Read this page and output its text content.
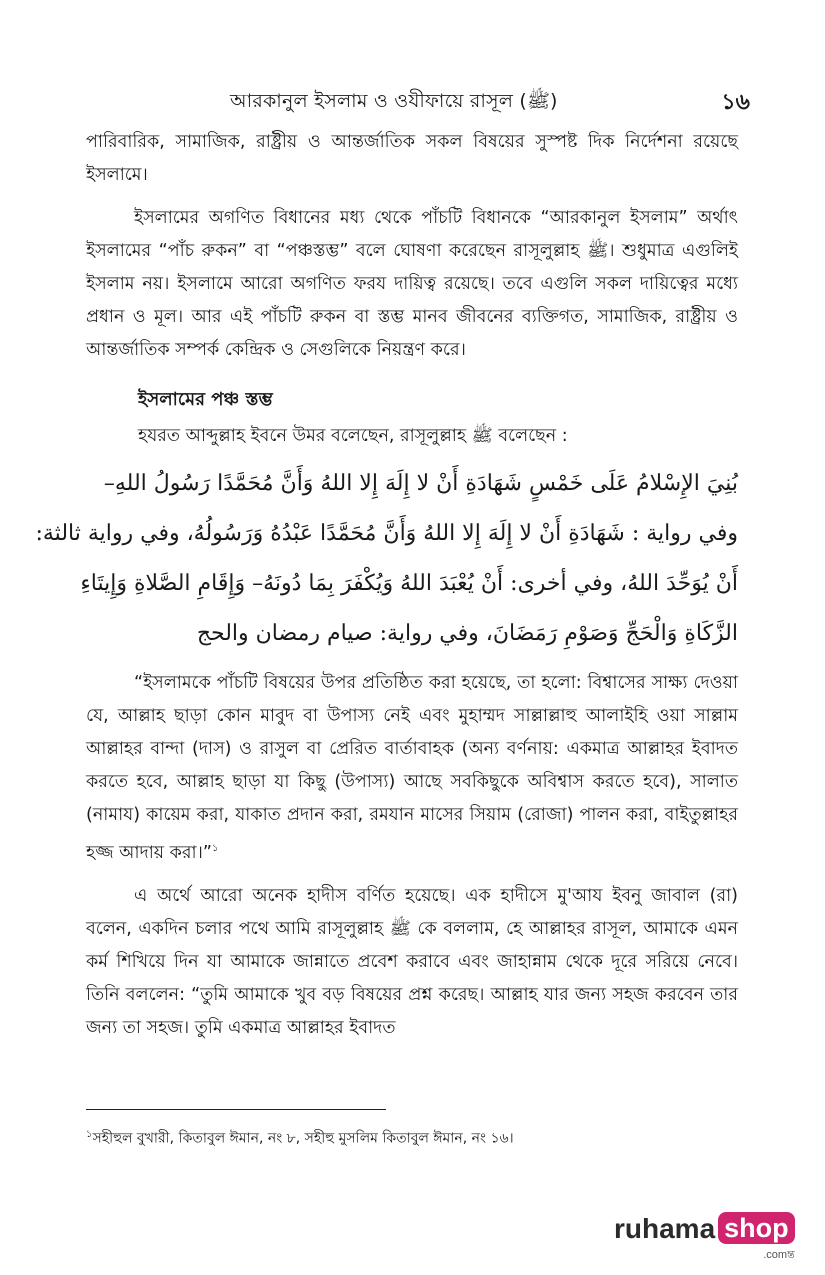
আরকানুল ইসলাম ও ওযীফায়ে রাসূল (ﷺ)	১৬

পারিবারিক, সামাজিক, রাষ্ট্রীয় ও আন্তর্জাতিক সকল বিষয়ের সুস্পষ্ট দিক নির্দেশনা রয়েছে ইসলামে।

ইসলামের অগণিত বিধানের মধ্য থেকে পাঁচটি বিধানকে “আরকানুল ইসলাম” অর্থাৎ ইসলামের “পাঁচ রুকন” বা “পঞ্চস্তম্ভ” বলে ঘোষণা করেছেন রাসূলুল্লাহ ﷺ। শুধুমাত্র এগুলিই ইসলাম নয়। ইসলামে আরো অগণিত ফরয দায়িত্ব রয়েছে। তবে এগুলি সকল দায়িত্বের মধ্যে প্রধান ও মূল। আর এই পাঁচটি রুকন বা স্তম্ভ মানব জীবনের ব্যক্তিগত, সামাজিক, রাষ্ট্রীয় ও আন্তর্জাতিক সম্পর্ক কেন্দ্রিক ও সেগুলিকে নিয়ন্ত্রণ করে।

ইসলামের পঞ্চ স্তম্ভ

হযরত আব্দুল্লাহ ইবনে উমর বলেছেন, রাসূলুল্লাহ ﷺ বলেছেন :

بُنِيَ الإِسْلامُ عَلَى خَمْسٍ شَهَادَةِ أَنْ لا إِلَهَ إِلا اللهُ وَأَنَّ مُحَمَّدًا رَسُولُ اللهِ–
وفي رواية : شَهَادَةِ أَنْ لا إِلَهَ إِلا اللهُ وَأَنَّ مُحَمَّدًا عَبْدُهُ وَرَسُولُهُ، وفي رواية ثالثة:
أَنْ يُوَحِّدَ اللهُ، وفي أخرى: أَنْ يُعْبَدَ اللهُ وَيُكْفَرَ بِمَا دُونَهُ– وَإِقَامِ الصَّلاةِ وَإِيتَاءِ
الزَّكَاةِ وَالْحَجِّ وَصَوْمِ رَمَضَانَ، وفي رواية: صيام رمضان والحج

“ইসলামকে পাঁচটি বিষয়ের উপর প্রতিষ্ঠিত করা হয়েছে, তা হলো: বিশ্বাসের সাক্ষ্য দেওয়া যে, আল্লাহ ছাড়া কোন মাবুদ বা উপাস্য নেই এবং মুহাম্মদ সাল্লাল্লাহু আলাইহি ওয়া সাল্লাম আল্লাহর বান্দা (দাস) ও রাসুল বা প্রেরিত বার্তাবাহক (অন্য বর্ণনায়: একমাত্র আল্লাহর ইবাদত করতে হবে, আল্লাহ ছাড়া যা কিছু (উপাস্য) আছে সবকিছুকে অবিশ্বাস করতে হবে), সালাত (নামায) কায়েম করা, যাকাত প্রদান করা, রমযান মাসের সিয়াম (রোজা) পালন করা, বাইতুল্লাহর হজ্জ আদায় করা।”$^১$

এ অর্থে আরো অনেক হাদীস বর্ণিত হয়েছে। এক হাদীসে মু'আয ইবনু জাবাল (রা) বলেন, একদিন চলার পথে আমি রাসূলুল্লাহ ﷺ কে বললাম, হে আল্লাহর রাসূল, আমাকে এমন কর্ম শিখিয়ে দিন যা আমাকে জান্নাতে প্রবেশ করাবে এবং জাহান্নাম থেকে দূরে সরিয়ে নেবে। তিনি বললেন: “তুমি আমাকে খুব বড় বিষয়ের প্রশ্ন করেছ। আল্লাহ যার জন্য সহজ করবেন তার জন্য তা সহজ। তুমি একমাত্র আল্লাহর ইবাদত

$^১$সহীহুল বুখারী, কিতাবুল ঈমান, নং ৮, সহীহু মুসলিম কিতাবুল ঈমান, নং ১৬।
ruhama shop
.comন্ত
